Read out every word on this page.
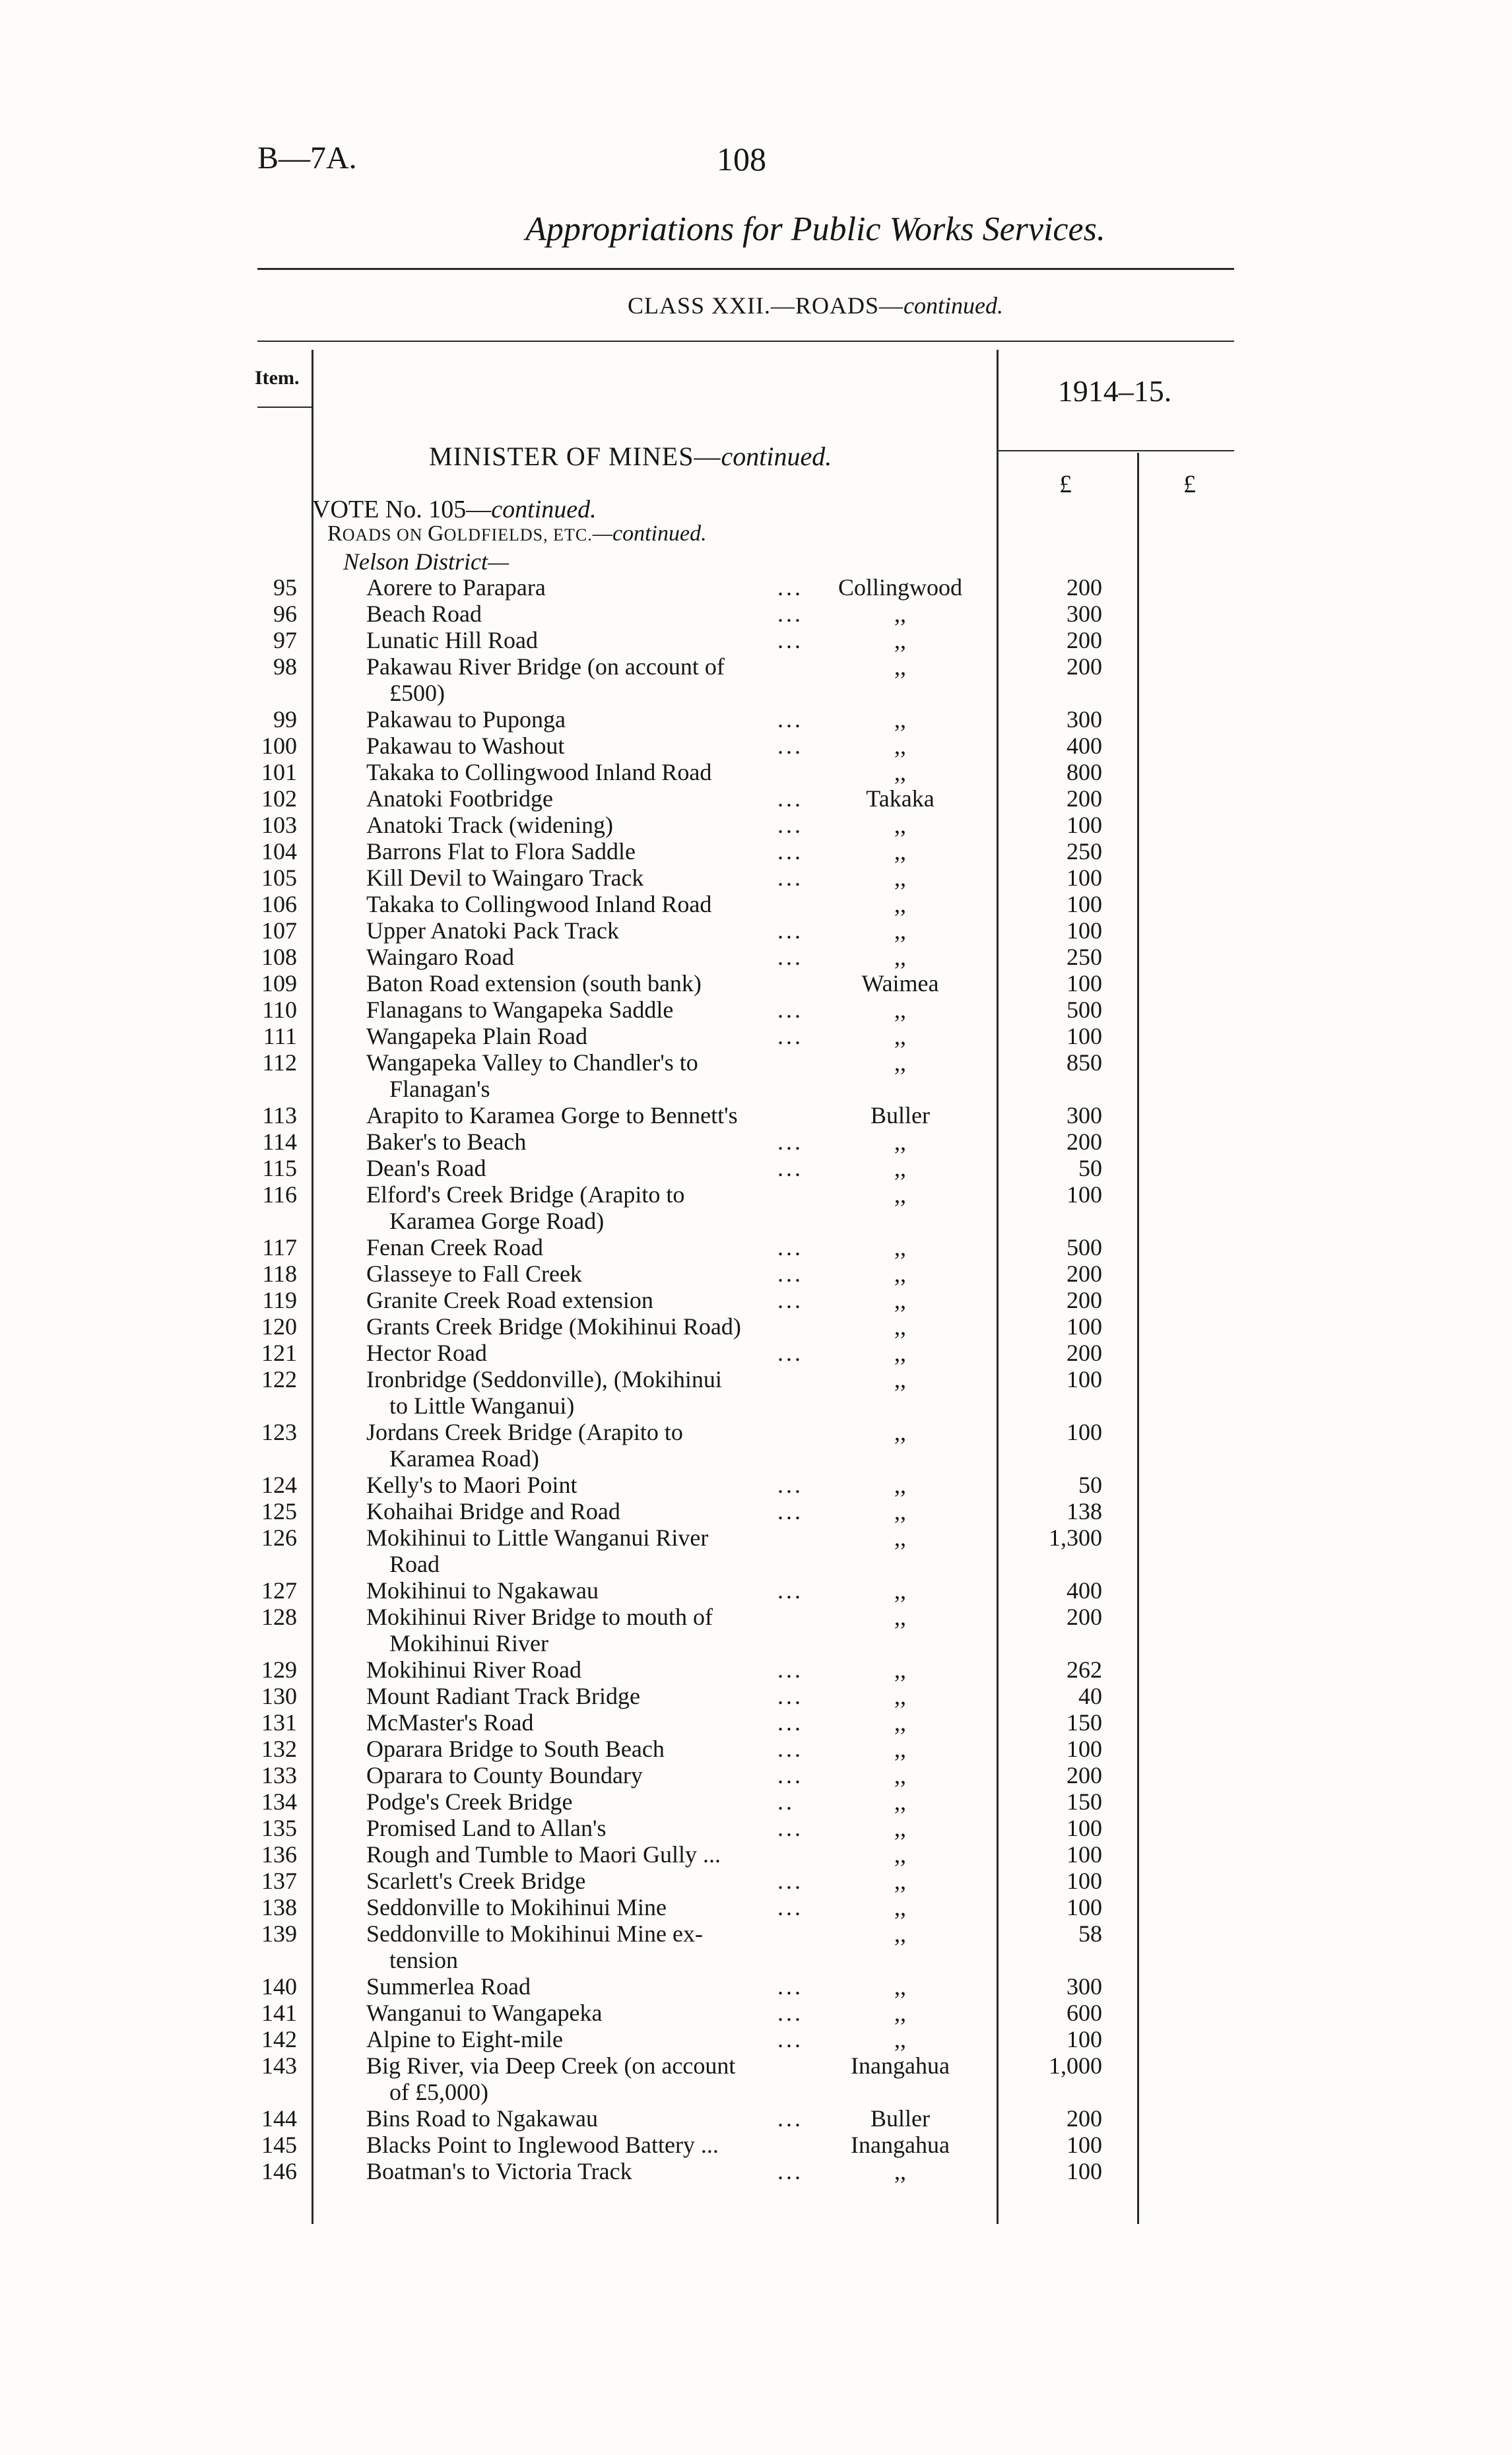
B—7A.	108
Appropriations for Public Works Services.
CLASS XXII.—ROADS—continued.
Item.	1914–15.
MINISTER OF MINES—continued.
£	£
VOTE No. 105—continued.
ROADS ON GOLDFIELDS, ETC.—continued.
Nelson District—
95	Aorere to Parapara	...	Collingwood	200
96	Beach Road	...	,,	300
97	Lunatic Hill Road	...	,,	200
98	Pakawau River Bridge (on account of	,,	200
£500)
99	Pakawau to Puponga	...	,,	300
100	Pakawau to Washout	...	,,	400
101	Takaka to Collingwood Inland Road	,,	800
102	Anatoki Footbridge	...	Takaka	200
103	Anatoki Track (widening)	...	,,	100
104	Barrons Flat to Flora Saddle	...	,,	250
105	Kill Devil to Waingaro Track	...	,,	100
106	Takaka to Collingwood Inland Road	,,	100
107	Upper Anatoki Pack Track	...	,,	100
108	Waingaro Road	...	,,	250
109	Baton Road extension (south bank)	Waimea	100
110	Flanagans to Wangapeka Saddle	...	,,	500
111	Wangapeka Plain Road	...	,,	100
112	Wangapeka Valley to Chandler's to	,,	850
Flanagan's
113	Arapito to Karamea Gorge to Bennett's	Buller	300
114	Baker's to Beach	...	,,	200
115	Dean's Road	...	,,	50
116	Elford's Creek Bridge (Arapito to	,,	100
Karamea Gorge Road)
117	Fenan Creek Road	...	,,	500
118	Glasseye to Fall Creek	...	,,	200
119	Granite Creek Road extension	...	,,	200
120	Grants Creek Bridge (Mokihinui Road)	,,	100
121	Hector Road	...	,,	200
122	Ironbridge (Seddonville), (Mokihinui	,,	100
to Little Wanganui)
123	Jordans Creek Bridge (Arapito to	,,	100
Karamea Road)
124	Kelly's to Maori Point	...	,,	50
125	Kohaihai Bridge and Road	...	,,	138
126	Mokihinui to Little Wanganui River	,,	1,300
Road
127	Mokihinui to Ngakawau	...	,,	400
128	Mokihinui River Bridge to mouth of	,,	200
Mokihinui River
129	Mokihinui River Road	...	,,	262
130	Mount Radiant Track Bridge	...	,,	40
131	McMaster's Road	...	,,	150
132	Oparara Bridge to South Beach	...	,,	100
133	Oparara to County Boundary	...	,,	200
134	Podge's Creek Bridge	..	,,	150
135	Promised Land to Allan's	...	,,	100
136	Rough and Tumble to Maori Gully ...	,,	100
137	Scarlett's Creek Bridge	...	,,	100
138	Seddonville to Mokihinui Mine	...	,,	100
139	Seddonville to Mokihinui Mine ex-	,,	58
tension
140	Summerlea Road	...	,,	300
141	Wanganui to Wangapeka	...	,,	600
142	Alpine to Eight-mile	...	,,	100
143	Big River, via Deep Creek (on account	Inangahua	1,000
of £5,000)
144	Bins Road to Ngakawau	...	Buller	200
145	Blacks Point to Inglewood Battery ...	Inangahua	100
146	Boatman's to Victoria Track	...	,,	100
